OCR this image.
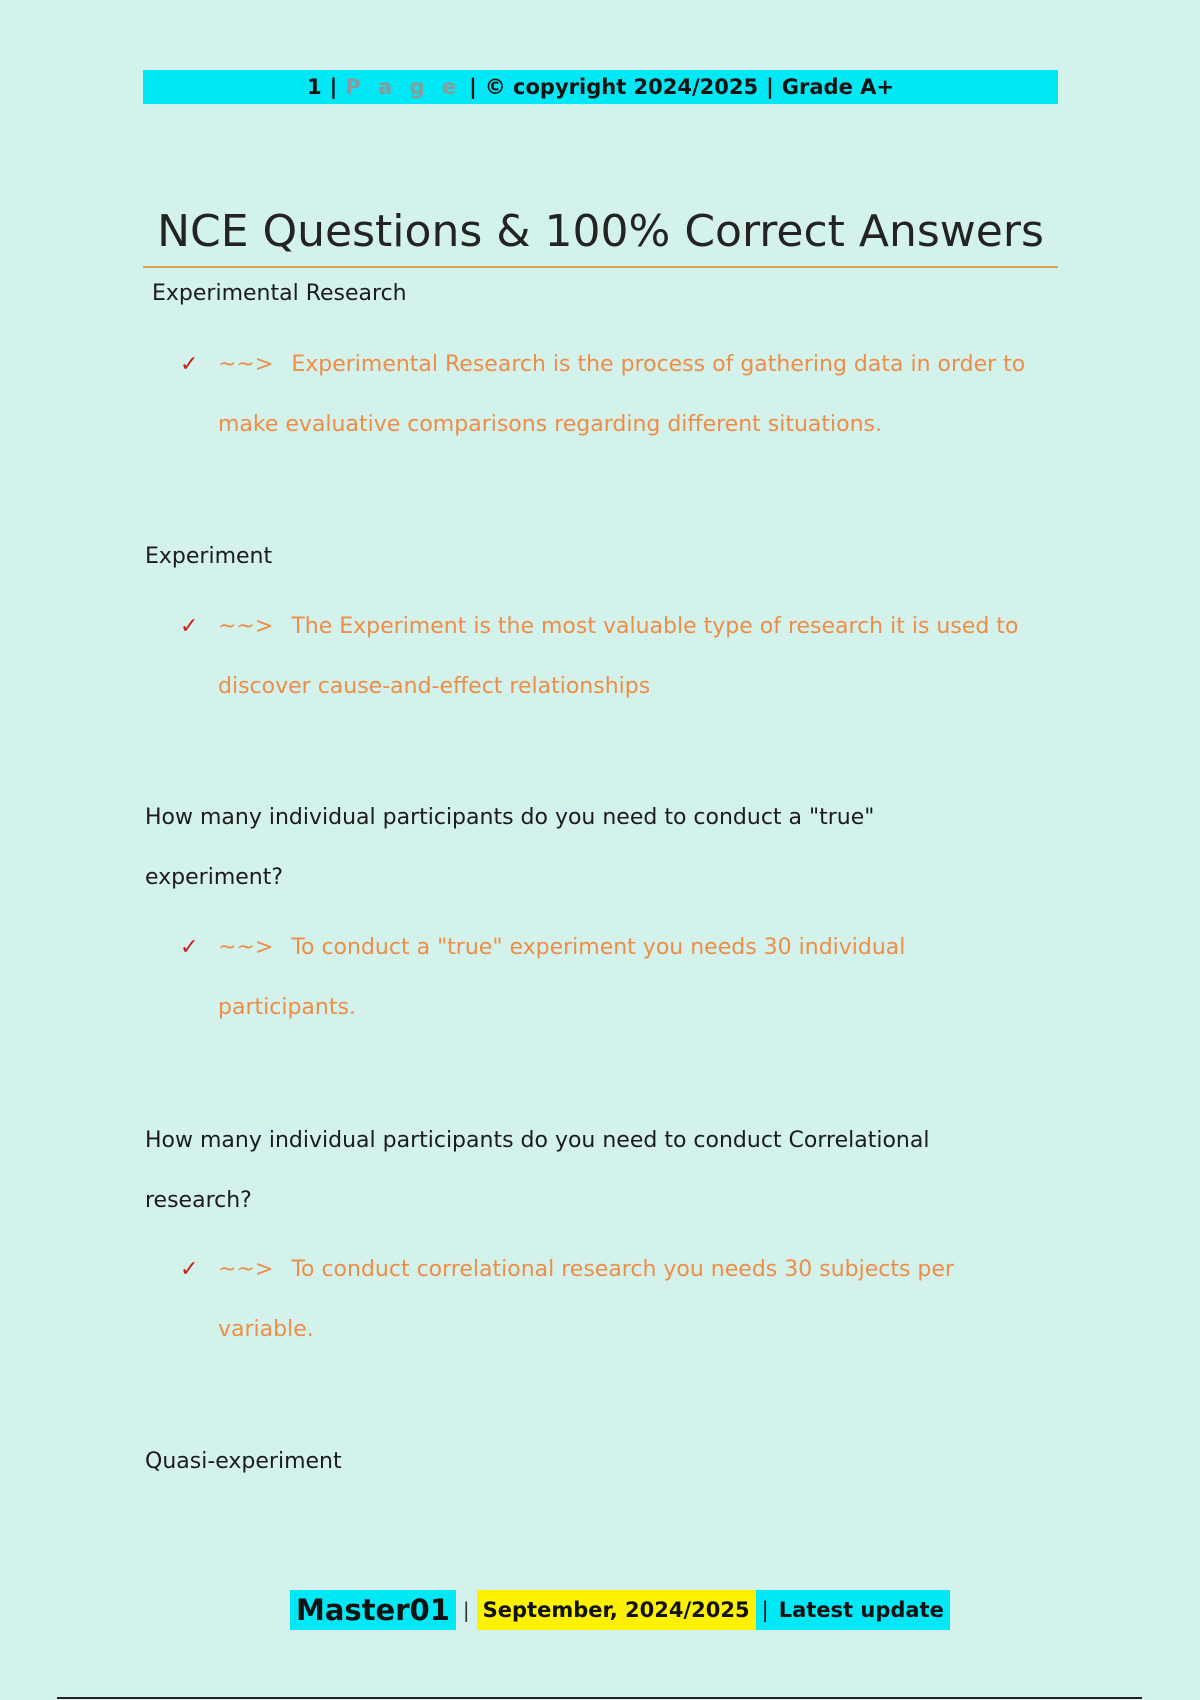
1 | P a g e | © copyright 2024/2025 | Grade A+
NCE Questions & 100% Correct Answers
Experimental Research
✓ ~~> Experimental Research is the process of gathering data in order to make evaluative comparisons regarding different situations.
Experiment
✓ ~~> The Experiment is the most valuable type of research it is used to discover cause-and-effect relationships
How many individual participants do you need to conduct a "true" experiment?
✓ ~~> To conduct a "true" experiment you needs 30 individual participants.
How many individual participants do you need to conduct Correlational research?
✓ ~~> To conduct correlational research you needs 30 subjects per variable.
Quasi-experiment
Master01 | September, 2024/2025 | Latest update
